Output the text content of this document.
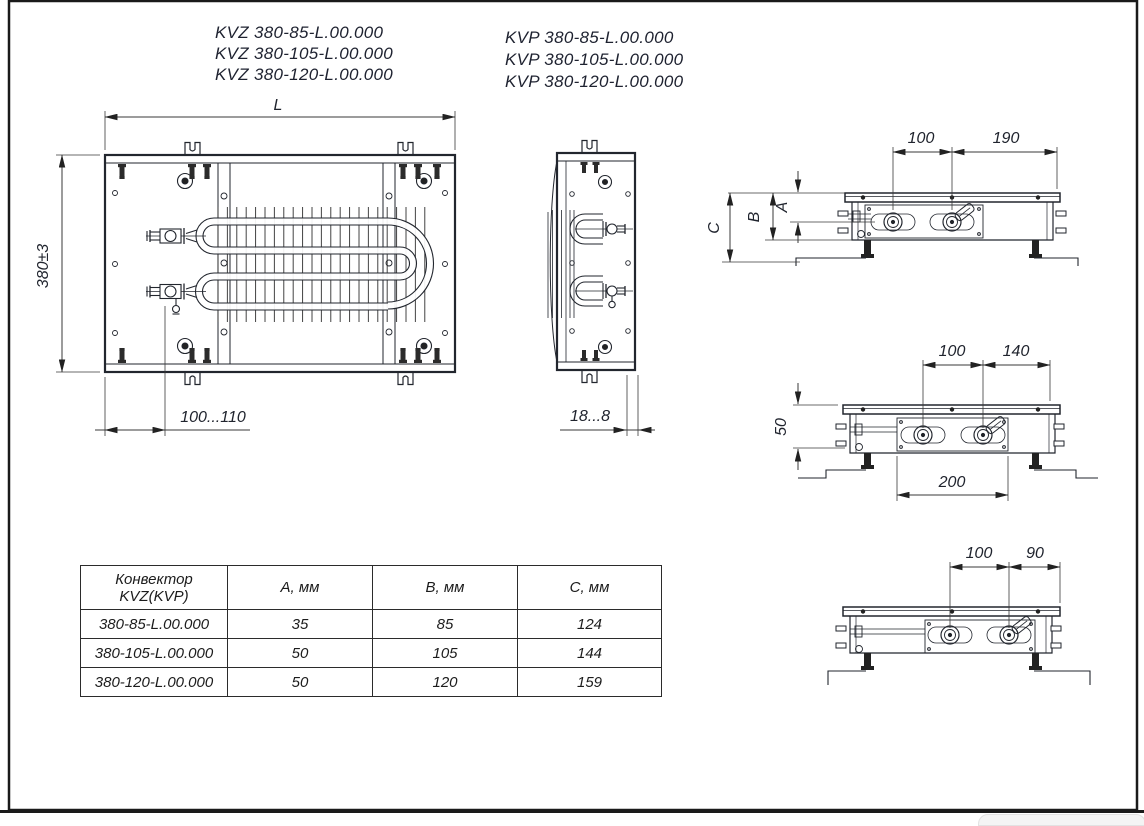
L
380±3
100...110	18...8
100	190
C
B
A
100 140
50
200
100 90
KVZ 380-85-L.00.000
KVZ 380-105-L.00.000
KVZ 380-120-L.00.000
KVP 380-85-L.00.000
KVP 380-105-L.00.000
KVP 380-120-L.00.000
Конвектор
KVZ(KVP)	A, мм	B, мм	C, мм
380-85-L.00.000	35	85	124
380-105-L.00.000	50	105	144
380-120-L.00.000	50	120	159
